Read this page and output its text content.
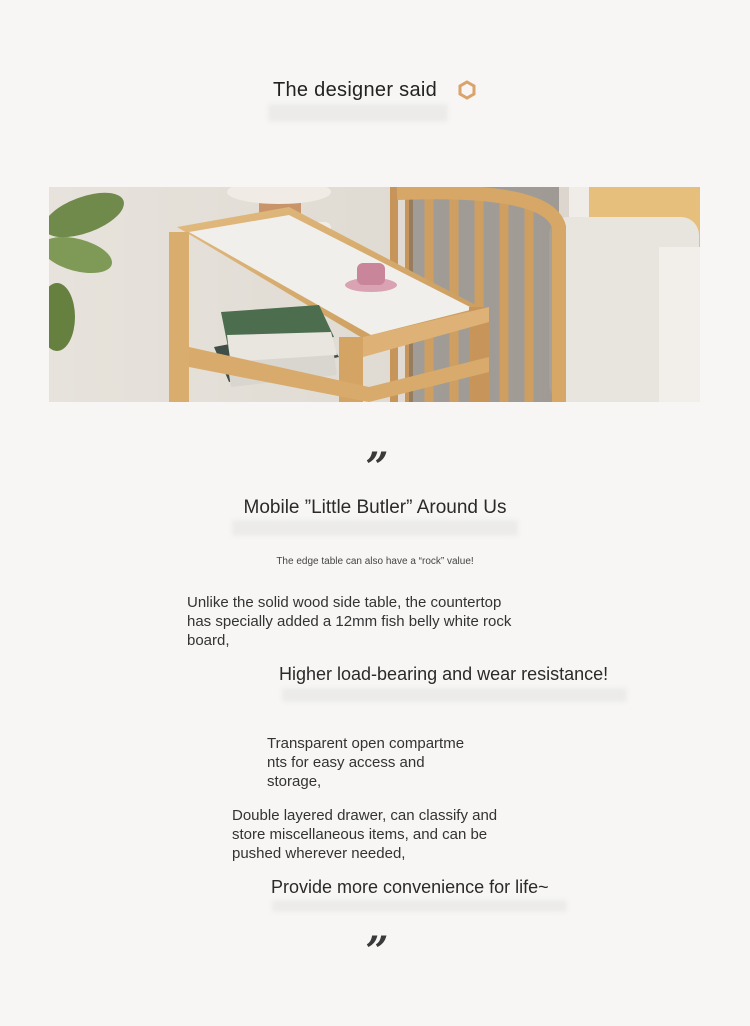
The designer said
”
Mobile ”Little Butler” Around Us
The edge table can also have a “rock” value!
Unlike the solid wood side table, the countertop
has specially added a 12mm fish belly white rock
board,
Higher load-bearing and wear resistance!
Transparent open compartme
nts for easy access and
storage,
Double layered drawer, can classify and
store miscellaneous items, and can be
pushed wherever needed,
Provide more convenience for life~
”
